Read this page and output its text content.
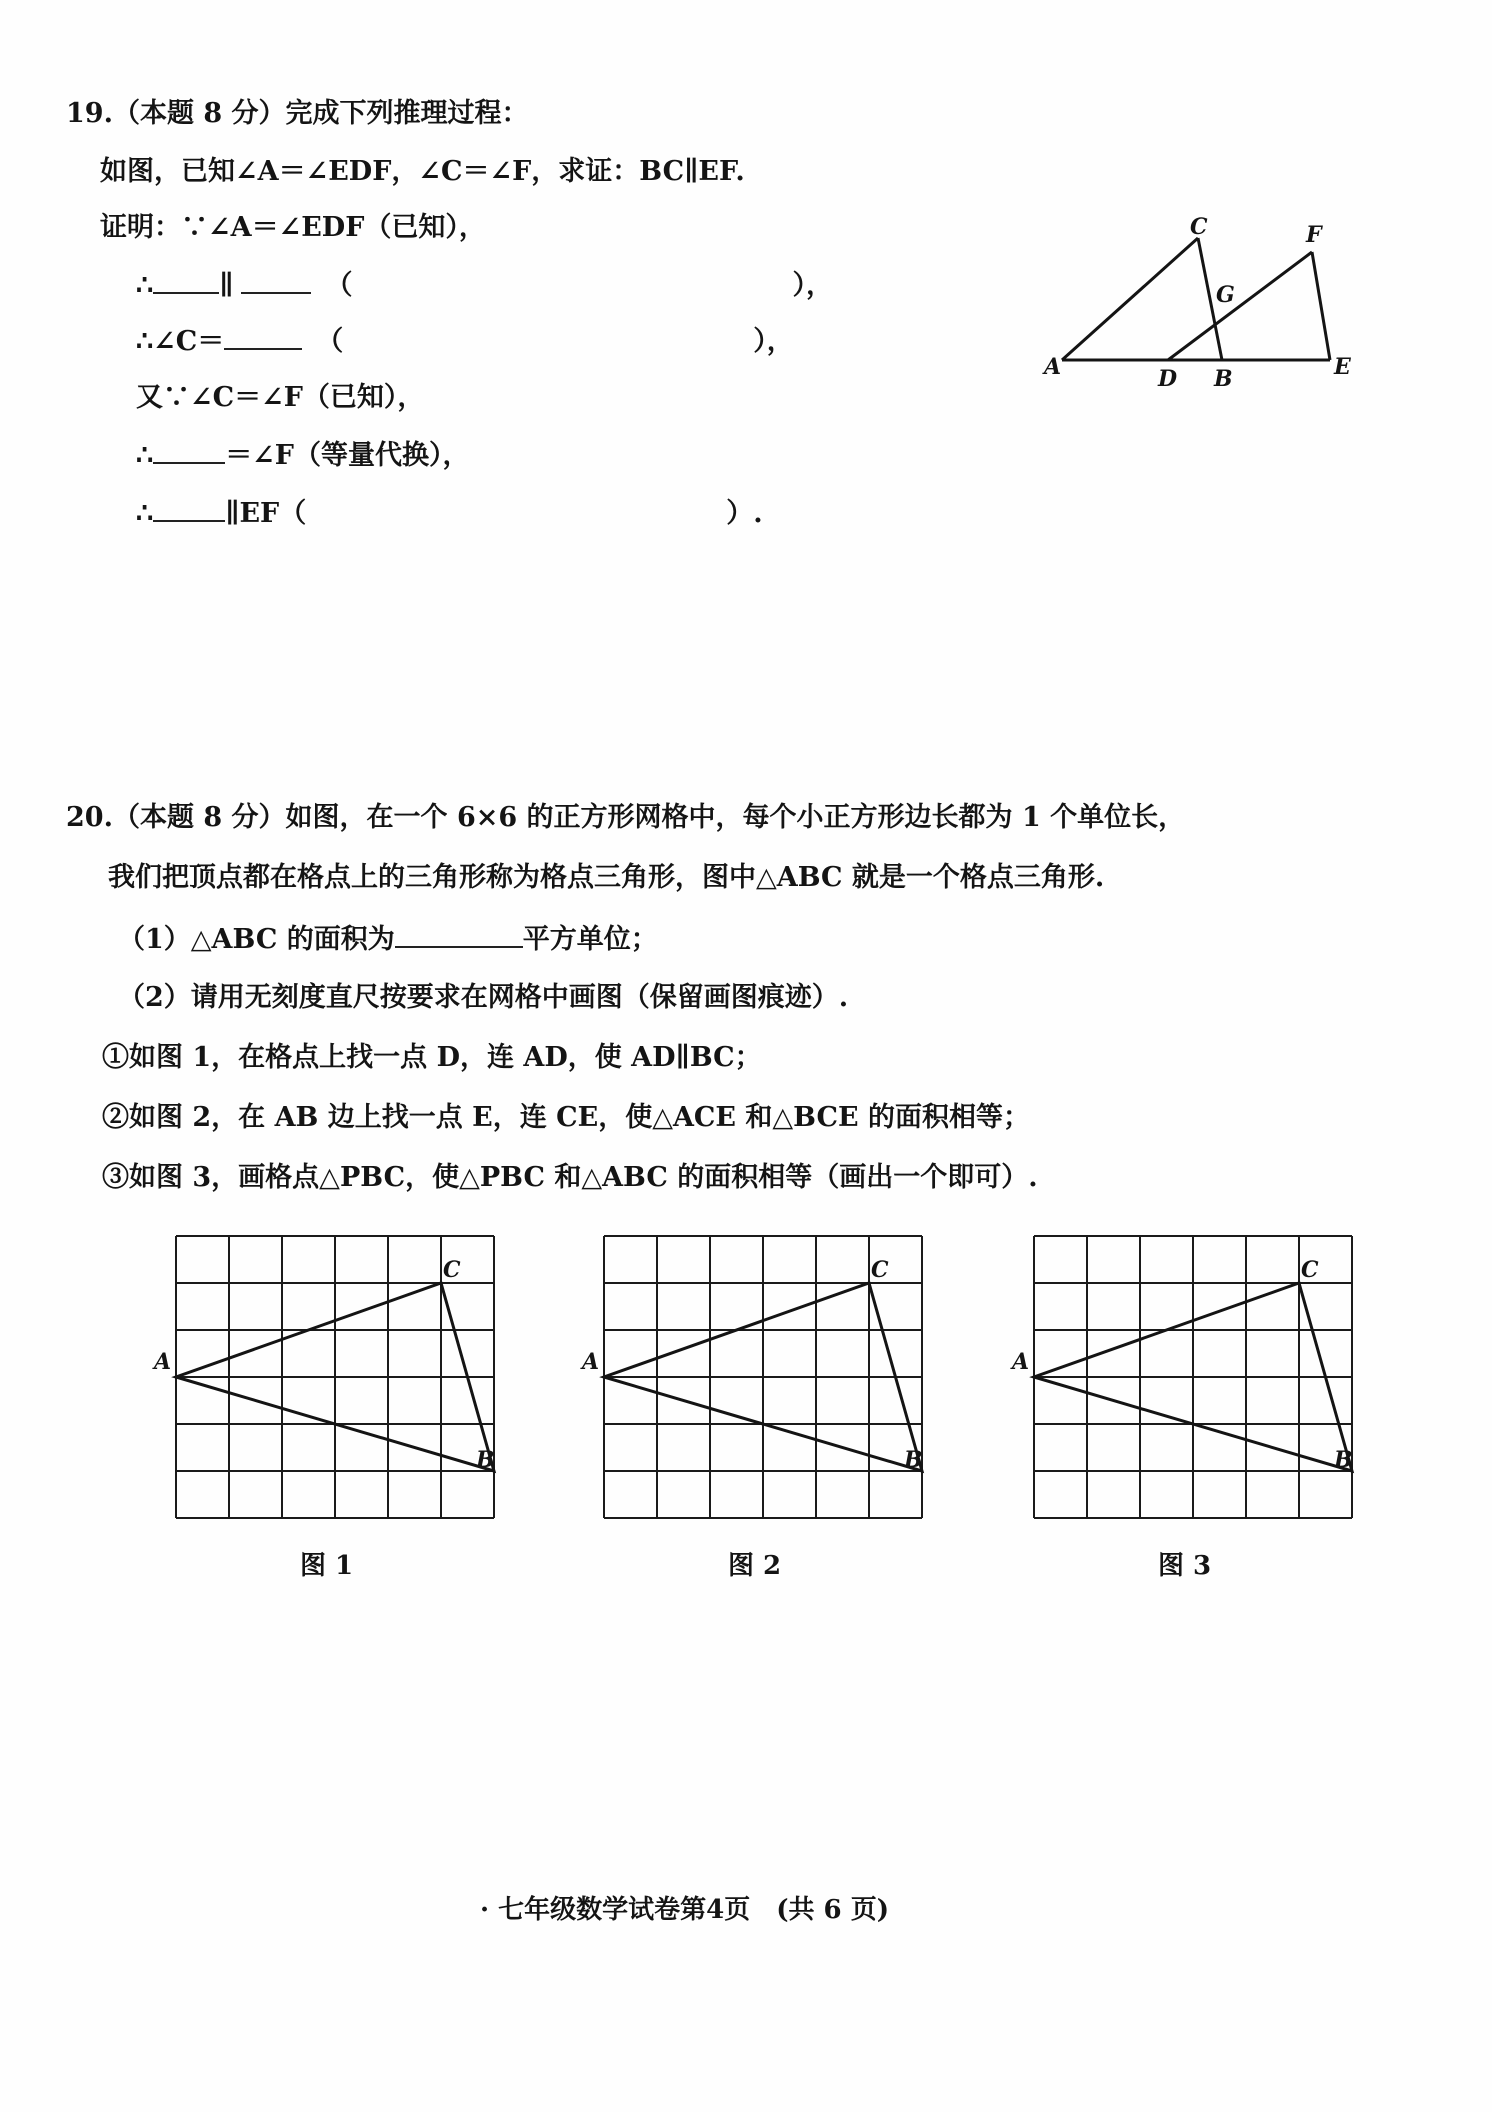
19.（本题 8 分）完成下列推理过程：
如图，已知∠A＝∠EDF，∠C＝∠F，求证：BC∥EF.
证明：∵∠A＝∠EDF（已知），
∴ ∥	（	），
∴∠C＝	（	），
又∵∠C＝∠F（已知），
∴	＝∠F（等量代换），
∴	∥EF（	）.
A
C	F
G
D B	E
20.（本题 8 分）如图，在一个 6×6 的正方形网格中，每个小正方形边长都为 1 个单位长，
我们把顶点都在格点上的三角形称为格点三角形，图中△ABC 就是一个格点三角形.
（1）△ABC 的面积为	平方单位；
（2）请用无刻度直尺按要求在网格中画图（保留画图痕迹）.
①如图 1，在格点上找一点 D，连 AD，使 AD∥BC；
②如图 2，在 AB 边上找一点 E，连 CE，使△ACE 和△BCE 的面积相等；
③如图 3，画格点△PBC，使△PBC 和△ABC 的面积相等（画出一个即可）.
A
B
C
A
B
C
A
B
C
图 1	图 2	图 3
· 七年级数学试卷第4页　(共 6 页)
